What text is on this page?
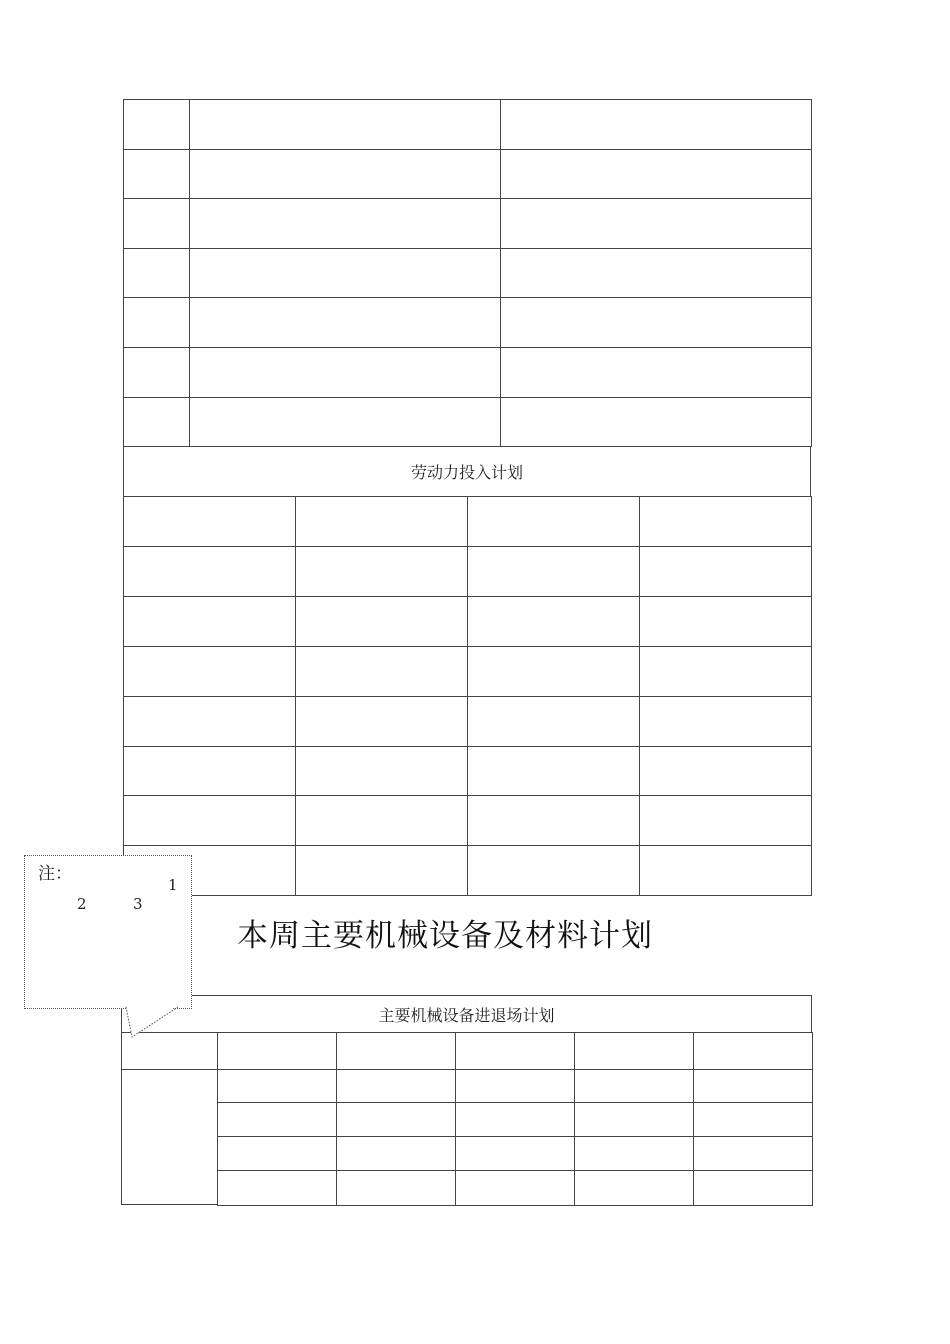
劳动力投入计划
本周主要机械设备及材料计划
主要机械设备进退场计划
注：
1
2	3
